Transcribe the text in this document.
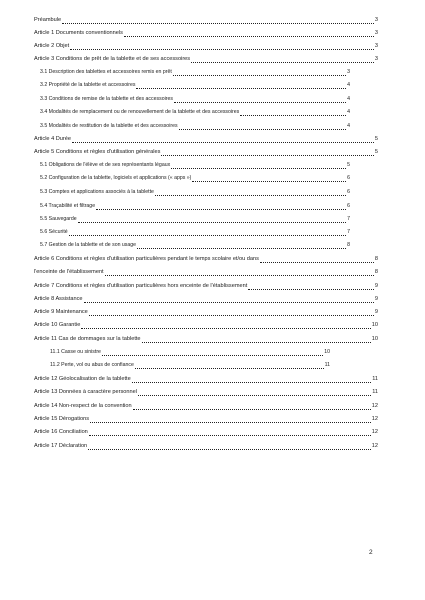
Préambule	3
Article 1 Documents conventionnels	3
Article 2 Objet	3
Article 3 Conditions de prêt de la tablette et de ses accessoires	3
3.1 Description des tablettes et accessoires remis en prêt	3
3.2 Propriété de la tablette et accessoires	4
3.3 Conditions de remise de la tablette et des accessoires	4
3.4 Modalités de remplacement ou de renouvellement de la tablette et des accessoires	4
3.5 Modalités de restitution de la tablette et des accessoires	4
Article 4 Durée	5
Article 5 Conditions et règles d'utilisation générales	5
5.1 Obligations de l'élève et de ses représentants légaux	5
5.2 Configuration de la tablette, logiciels et applications (« apps »)	6
5.3 Comptes et applications associés à la tablette	6
5.4 Traçabilité et filtrage	6
5.5 Sauvegarde	7
5.6 Sécurité	7
5.7 Gestion de la tablette et de son usage	8
Article 6 Conditions et règles d'utilisation particulières pendant le temps scolaire et/ou dans	8
l'enceinte de l'établissement	8
Article 7 Conditions et règles d'utilisation particulières hors enceinte de l'établissement	9
Article 8 Assistance	9
Article 9 Maintenance	9
Article 10 Garantie	10
Article 11 Cas de dommages sur la tablette	10
11.1 Casse ou sinistre	10
11.2 Perte, vol ou abus de confiance	11
Article 12 Géolocalisation de la tablette	11
Article 13 Données à caractère personnel	11
Article 14 Non-respect de la convention	12
Article 15 Dérogations	12
Article 16 Conciliation	12
Article 17 Déclaration	12
2
